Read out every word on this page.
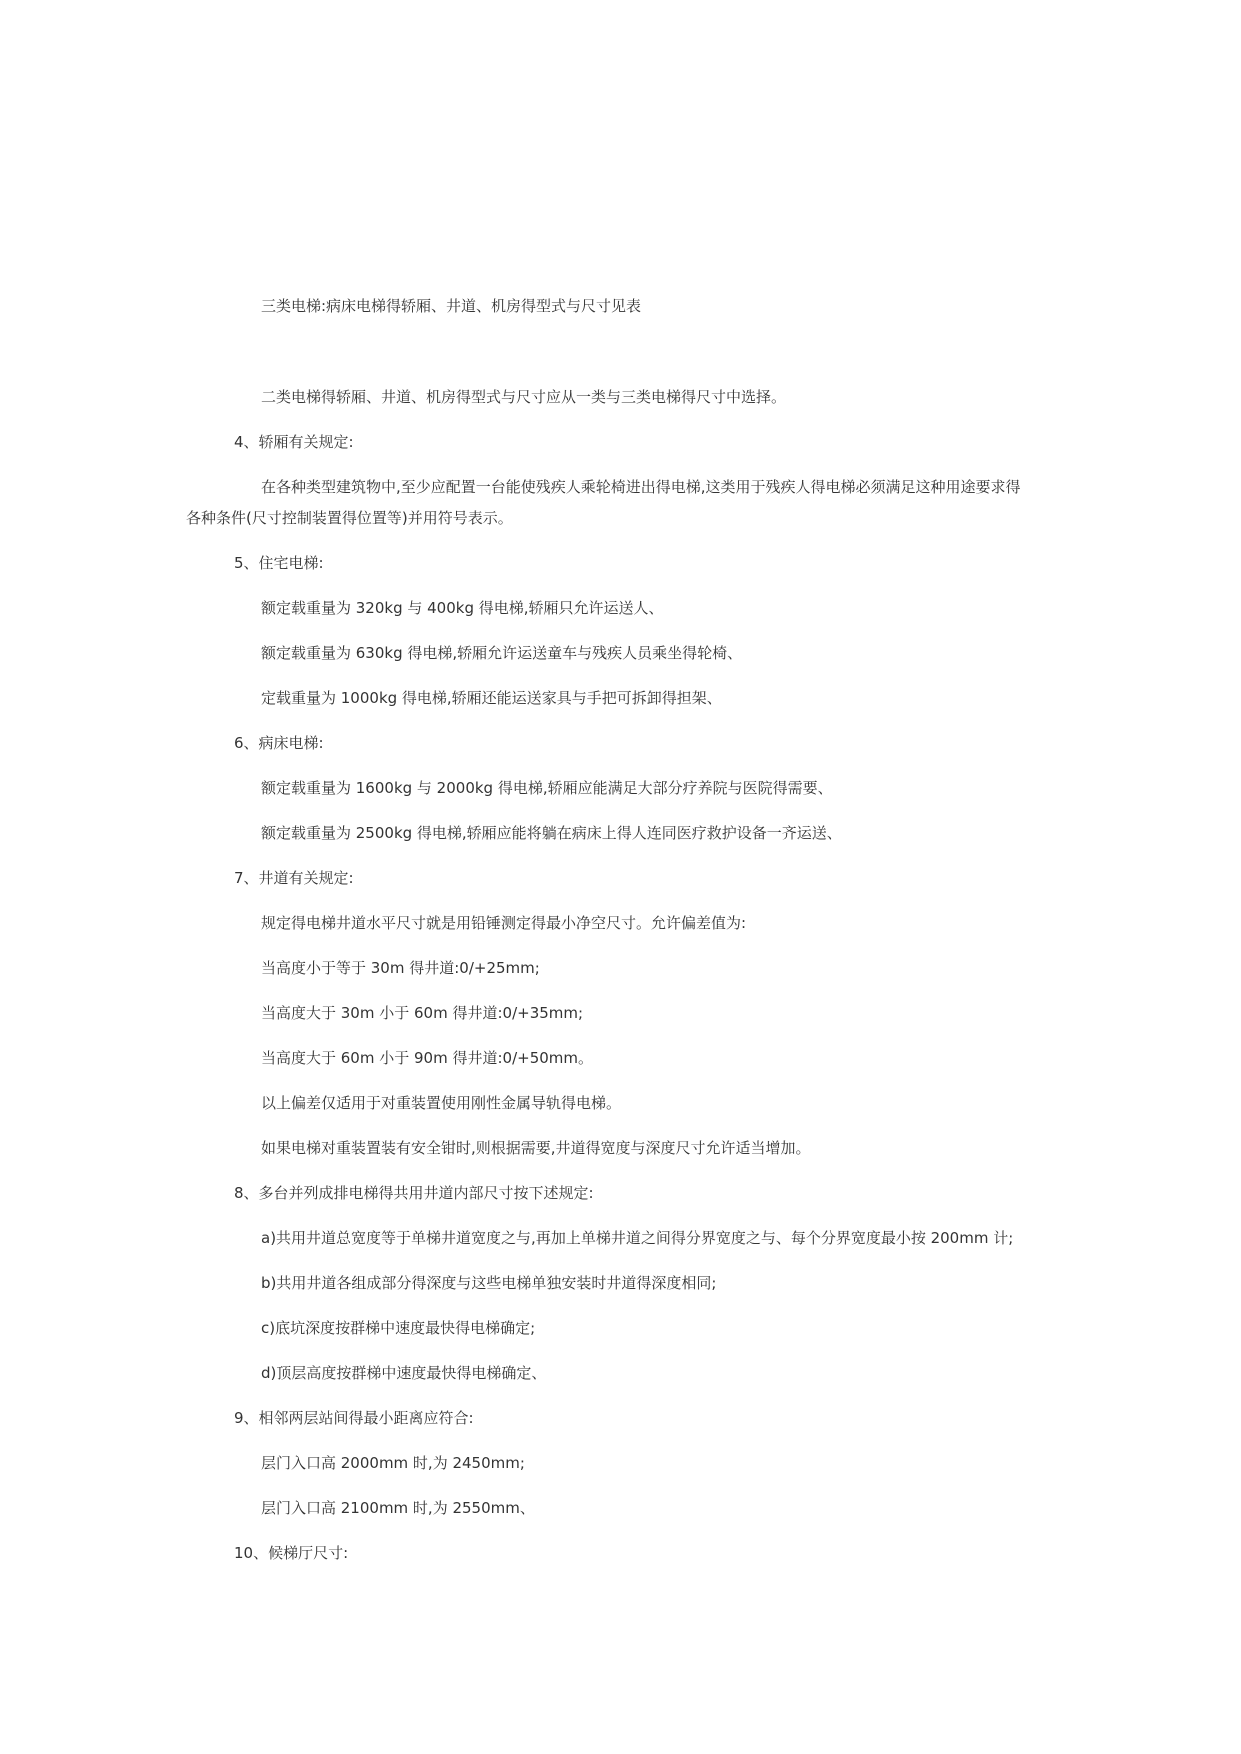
三类电梯:病床电梯得轿厢、井道、机房得型式与尺寸见表
二类电梯得轿厢、井道、机房得型式与尺寸应从一类与三类电梯得尺寸中选择。
4、轿厢有关规定:
在各种类型建筑物中,至少应配置一台能使残疾人乘轮椅进出得电梯,这类用于残疾人得电梯必须满足这种用途要求得
各种条件(尺寸控制装置得位置等)并用符号表示。
5、住宅电梯:
额定载重量为 320kg 与 400kg 得电梯,轿厢只允许运送人、
额定载重量为 630kg 得电梯,轿厢允许运送童车与残疾人员乘坐得轮椅、
定载重量为 1000kg 得电梯,轿厢还能运送家具与手把可拆卸得担架、
6、病床电梯:
额定载重量为 1600kg 与 2000kg 得电梯,轿厢应能满足大部分疗养院与医院得需要、
额定载重量为 2500kg 得电梯,轿厢应能将躺在病床上得人连同医疗救护设备一齐运送、
7、井道有关规定:
规定得电梯井道水平尺寸就是用铅锤测定得最小净空尺寸。允许偏差值为:
当高度小于等于 30m 得井道:0/+25mm;
当高度大于 30m 小于 60m 得井道:0/+35mm;
当高度大于 60m 小于 90m 得井道:0/+50mm。
以上偏差仅适用于对重装置使用刚性金属导轨得电梯。
如果电梯对重装置装有安全钳时,则根据需要,井道得宽度与深度尺寸允许适当增加。
8、多台并列成排电梯得共用井道内部尺寸按下述规定:
a)共用井道总宽度等于单梯井道宽度之与,再加上单梯井道之间得分界宽度之与、每个分界宽度最小按 200mm 计;
b)共用井道各组成部分得深度与这些电梯单独安装时井道得深度相同;
c)底坑深度按群梯中速度最快得电梯确定;
d)顶层高度按群梯中速度最快得电梯确定、
9、相邻两层站间得最小距离应符合:
层门入口高 2000mm 时,为 2450mm;
层门入口高 2100mm 时,为 2550mm、
10、候梯厅尺寸:
